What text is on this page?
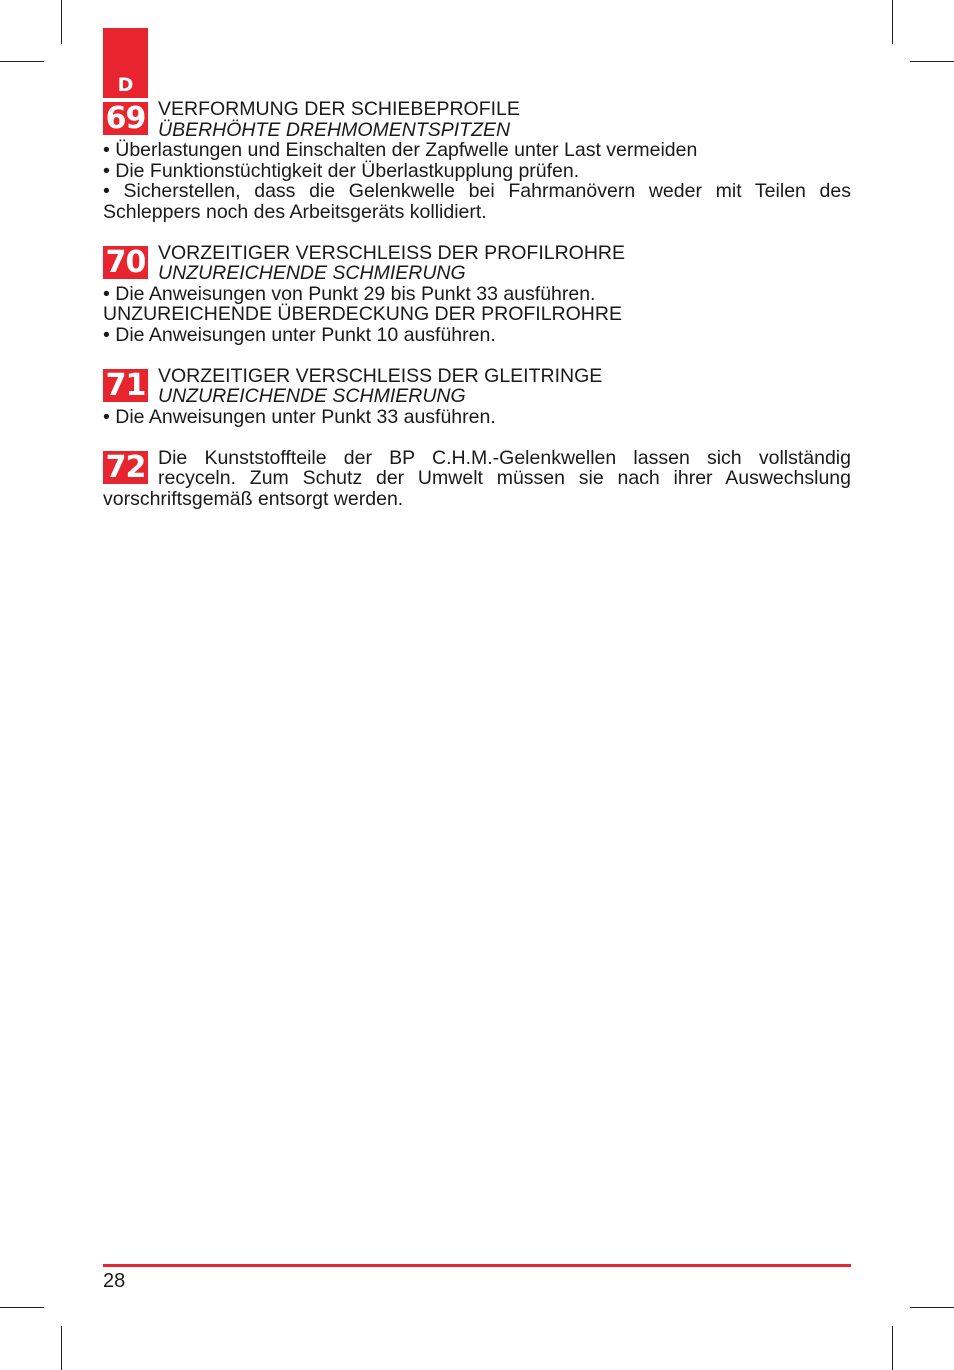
D
69 VERFORMUNG DER SCHIEBEPROFILE
ÜBERHÖHTE DREHMOMENTSPITZEN
• Überlastungen und Einschalten der Zapfwelle unter Last vermeiden
• Die Funktionstüchtigkeit der Überlastkupplung prüfen.
• Sicherstellen, dass die Gelenkwelle bei Fahrmanövern weder mit Teilen des Schleppers noch des Arbeitsgeräts kollidiert.
70 VORZEITIGER VERSCHLEISS DER PROFILROHRE
UNZUREICHENDE SCHMIERUNG
• Die Anweisungen von Punkt 29 bis Punkt 33 ausführen.
UNZUREICHENDE ÜBERDECKUNG DER PROFILROHRE
• Die Anweisungen unter Punkt 10 ausführen.
71 VORZEITIGER VERSCHLEISS DER GLEITRINGE
UNZUREICHENDE SCHMIERUNG
• Die Anweisungen unter Punkt 33 ausführen.
72 Die Kunststoffteile der BP C.H.M.-Gelenkwellen lassen sich vollständig recyceln. Zum Schutz der Umwelt müssen sie nach ihrer Auswechslung vorschriftsgemäß entsorgt werden.
28
